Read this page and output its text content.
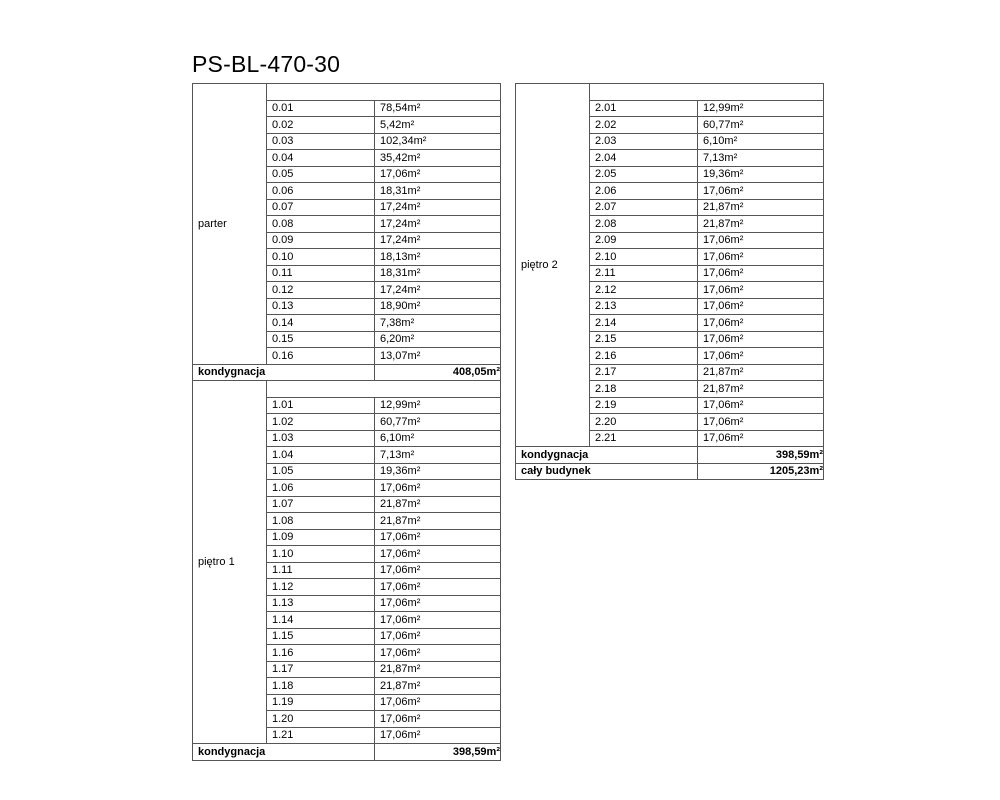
PS-BL-470-30
parter		
	0.01	78,54m²
	0.02	5,42m²
	0.03	102,34m²
	0.04	35,42m²
	0.05	17,06m²
	0.06	18,31m²
	0.07	17,24m²
	0.08	17,24m²
	0.09	17,24m²
	0.10	18,13m²
	0.11	18,31m²
	0.12	17,24m²
	0.13	18,90m²
	0.14	7,38m²
	0.15	6,20m²
	0.16	13,07m²
kondygnacja		408,05m²
piętro 1		
	1.01	12,99m²
	1.02	60,77m²
	1.03	6,10m²
	1.04	7,13m²
	1.05	19,36m²
	1.06	17,06m²
	1.07	21,87m²
	1.08	21,87m²
	1.09	17,06m²
	1.10	17,06m²
	1.11	17,06m²
	1.12	17,06m²
	1.13	17,06m²
	1.14	17,06m²
	1.15	17,06m²
	1.16	17,06m²
	1.17	21,87m²
	1.18	21,87m²
	1.19	17,06m²
	1.20	17,06m²
	1.21	17,06m²
kondygnacja		398,59m²
piętro 2		
	2.01	12,99m²
	2.02	60,77m²
	2.03	6,10m²
	2.04	7,13m²
	2.05	19,36m²
	2.06	17,06m²
	2.07	21,87m²
	2.08	21,87m²
	2.09	17,06m²
	2.10	17,06m²
	2.11	17,06m²
	2.12	17,06m²
	2.13	17,06m²
	2.14	17,06m²
	2.15	17,06m²
	2.16	17,06m²
	2.17	21,87m²
	2.18	21,87m²
	2.19	17,06m²
	2.20	17,06m²
	2.21	17,06m²
kondygnacja		398,59m²
cały budynek		1205,23m²
